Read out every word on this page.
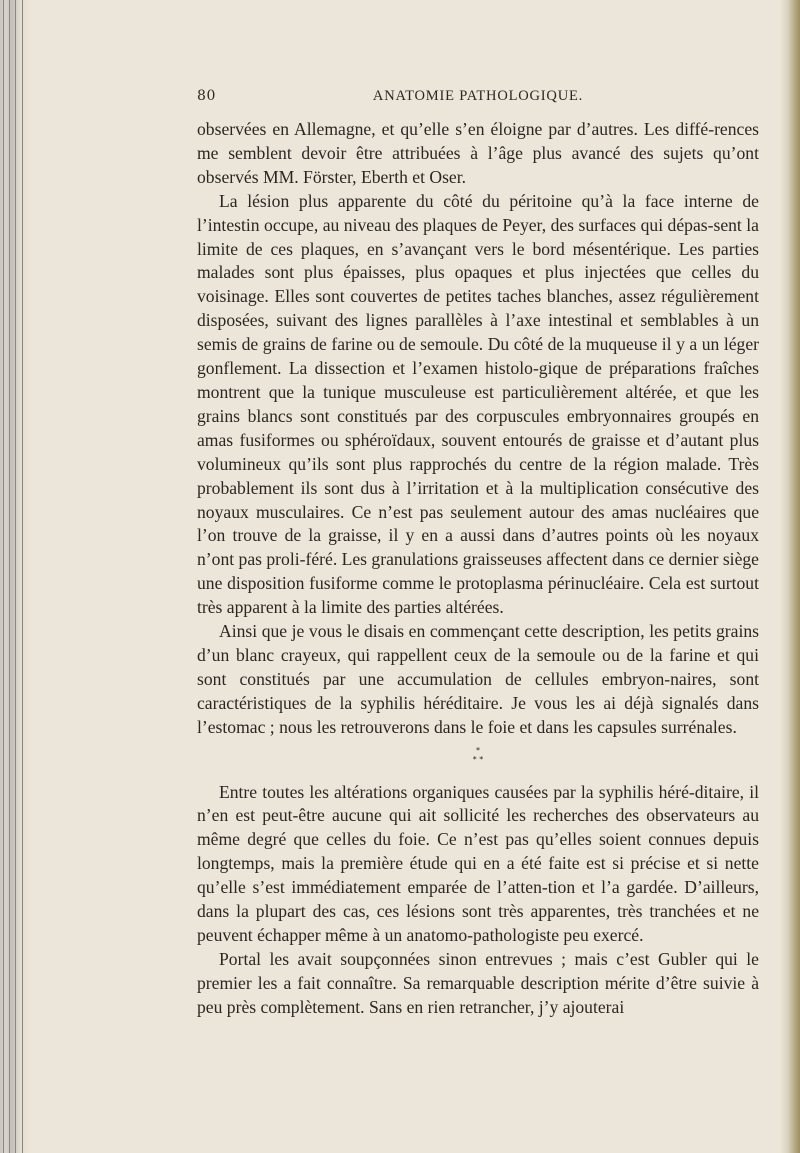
80	ANATOMIE PATHOLOGIQUE.

observées en Allemagne, et qu’elle s’en éloigne par d’autres. Les diffé-rences me semblent devoir être attribuées à l’âge plus avancé des sujets qu’ont observés MM. Förster, Eberth et Oser.

La lésion plus apparente du côté du péritoine qu’à la face interne de l’intestin occupe, au niveau des plaques de Peyer, des surfaces qui dépas-sent la limite de ces plaques, en s’avançant vers le bord mésentérique. Les parties malades sont plus épaisses, plus opaques et plus injectées que celles du voisinage. Elles sont couvertes de petites taches blanches, assez régulièrement disposées, suivant des lignes parallèles à l’axe intestinal et semblables à un semis de grains de farine ou de semoule. Du côté de la muqueuse il y a un léger gonflement. La dissection et l’examen histolo-gique de préparations fraîches montrent que la tunique musculeuse est particulièrement altérée, et que les grains blancs sont constitués par des corpuscules embryonnaires groupés en amas fusiformes ou sphéroïdaux, souvent entourés de graisse et d’autant plus volumineux qu’ils sont plus rapprochés du centre de la région malade. Très probablement ils sont dus à l’irritation et à la multiplication consécutive des noyaux musculaires. Ce n’est pas seulement autour des amas nucléaires que l’on trouve de la graisse, il y en a aussi dans d’autres points où les noyaux n’ont pas proli-féré. Les granulations graisseuses affectent dans ce dernier siège une disposition fusiforme comme le protoplasma périnucléaire. Cela est surtout très apparent à la limite des parties altérées.

Ainsi que je vous le disais en commençant cette description, les petits grains d’un blanc crayeux, qui rappellent ceux de la semoule ou de la farine et qui sont constitués par une accumulation de cellules embryon-naires, sont caractéristiques de la syphilis héréditaire. Je vous les ai déjà signalés dans l’estomac ; nous les retrouverons dans le foie et dans les capsules surrénales.

*
* *

Entre toutes les altérations organiques causées par la syphilis héré-ditaire, il n’en est peut-être aucune qui ait sollicité les recherches des observateurs au même degré que celles du foie. Ce n’est pas qu’elles soient connues depuis longtemps, mais la première étude qui en a été faite est si précise et si nette qu’elle s’est immédiatement emparée de l’atten-tion et l’a gardée. D’ailleurs, dans la plupart des cas, ces lésions sont très apparentes, très tranchées et ne peuvent échapper même à un anatomo-pathologiste peu exercé.

Portal les avait soupçonnées sinon entrevues ; mais c’est Gubler qui le premier les a fait connaître. Sa remarquable description mérite d’être suivie à peu près complètement. Sans en rien retrancher, j’y ajouterai
